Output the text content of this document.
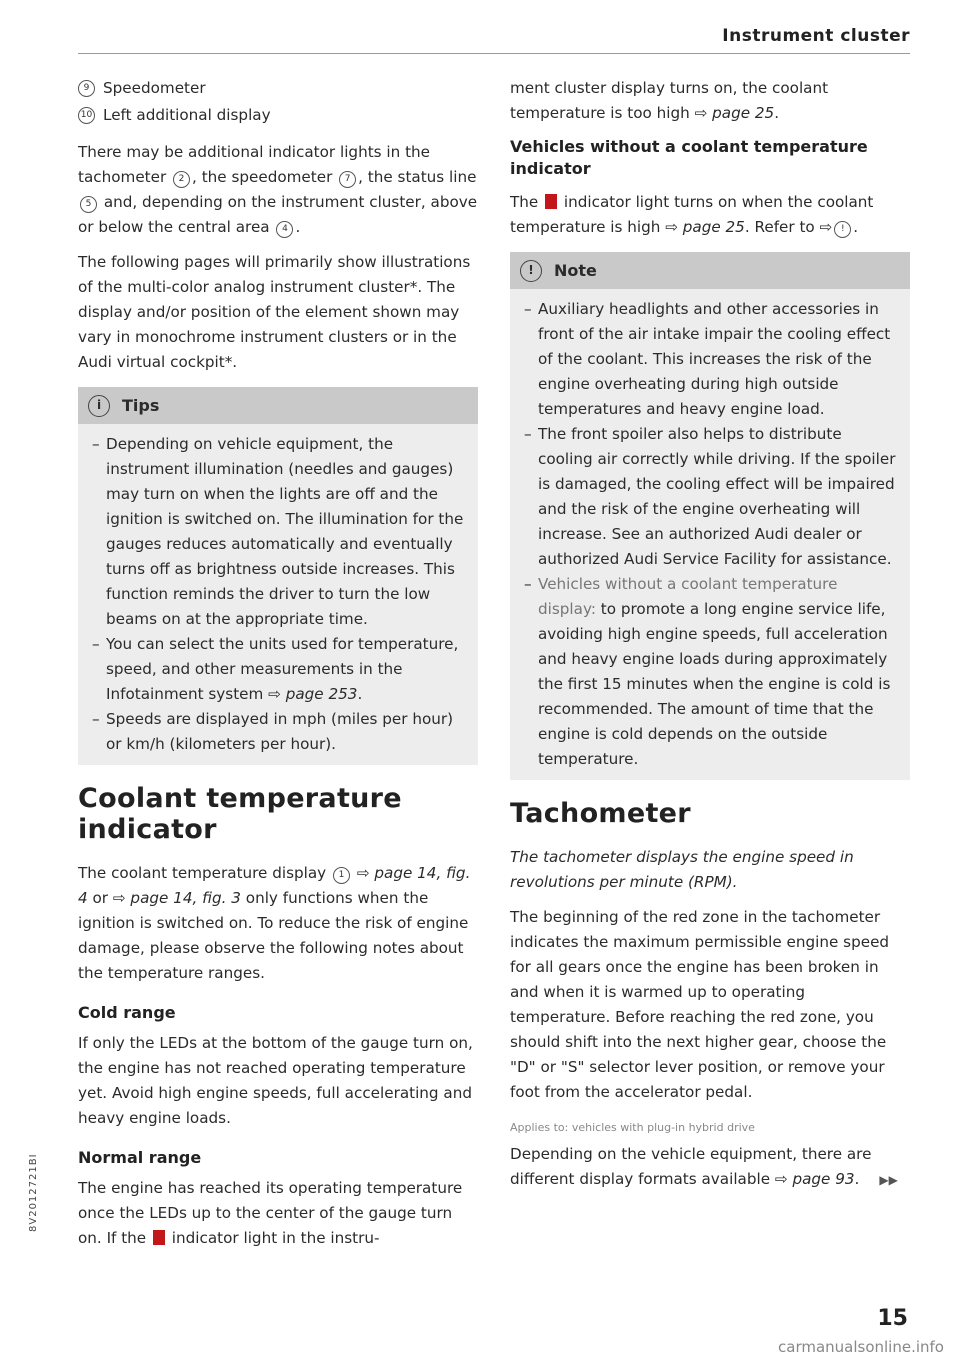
Instrument cluster
9 Speedometer
10 Left additional display

There may be additional indicator lights in the tachometer 2 , the speedometer 7 , the status line 5 and, depending on the instrument cluster, above or below the central area 4 .

The following pages will primarily show illustrations of the multi-color analog instrument cluster*. The display and/or position of the element shown may vary in monochrome instrument clusters or in the Audi virtual cockpit*.

i	Tips
– Depending on vehicle equipment, the instrument illumination (needles and gauges) may turn on when the lights are off and the ignition is switched on. The illumination for the gauges reduces automatically and eventually turns off as brightness outside increases. This function reminds the driver to turn the low beams on at the appropriate time.
– You can select the units used for temperature, speed, and other measurements in the Infotainment system ⇨ page 253.
– Speeds are displayed in mph (miles per hour) or km/h (kilometers per hour).
Coolant temperature indicator

The coolant temperature display 1 ⇨ page 14, fig. 4 or ⇨ page 14, fig. 3 only functions when the ignition is switched on. To reduce the risk of engine damage, please observe the following notes about the temperature ranges.

Cold range

If only the LEDs at the bottom of the gauge turn on, the engine has not reached operating temperature yet. Avoid high engine speeds, full accelerating and heavy engine loads.

Normal range

The engine has reached its operating temperature once the LEDs up to the center of the gauge turn on. If the  indicator light in the instru-

ment cluster display turns on, the coolant temperature is too high ⇨ page 25.

Vehicles without a coolant temperature indicator

The  indicator light turns on when the coolant temperature is high ⇨ page 25. Refer to ⇨ ! .

!	Note
– Auxiliary headlights and other accessories in front of the air intake impair the cooling effect of the coolant. This increases the risk of the engine overheating during high outside temperatures and heavy engine load.
– The front spoiler also helps to distribute cooling air correctly while driving. If the spoiler is damaged, the cooling effect will be impaired and the risk of the engine overheating will increase. See an authorized Audi dealer or authorized Audi Service Facility for assistance.
– Vehicles without a coolant temperature display: to promote a long engine service life, avoiding high engine speeds, full acceleration and heavy engine loads during approximately the first 15 minutes when the engine is cold is recommended. The amount of time that the engine is cold depends on the outside temperature.
Tachometer

The tachometer displays the engine speed in revolutions per minute (RPM).

The beginning of the red zone in the tachometer indicates the maximum permissible engine speed for all gears once the engine has been broken in and when it is warmed up to operating temperature. Before reaching the red zone, you should shift into the next higher gear, choose the "D" or "S" selector lever position, or remove your foot from the accelerator pedal.

Applies to: vehicles with plug-in hybrid drive

Depending on the vehicle equipment, there are different display formats available ⇨ page 93. ▶▶

8V2012721BI
15
carmanualsonline.info
